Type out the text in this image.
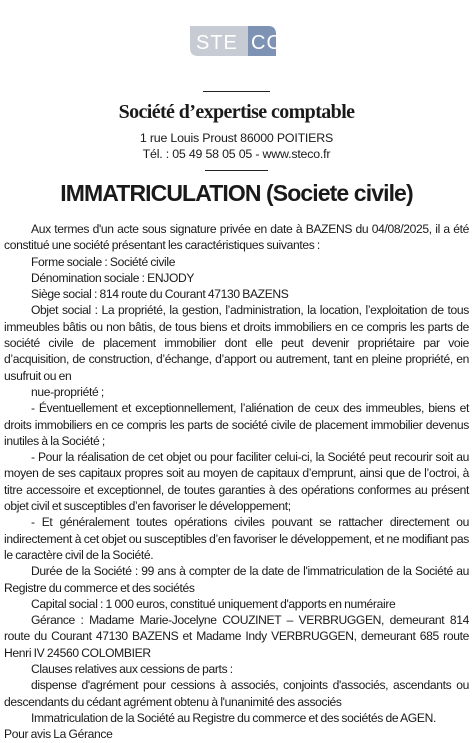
STE CO
Société d’expertise comptable
1 rue Louis Proust 86000 POITIERS
Tél. : 05 49 58 05 05 - www.steco.fr
IMMATRICULATION (Societe civile)

Aux termes d'un acte sous signature privée en date à BAZENS du 04/08/2025, il a été constitué une société présentant les caractéristiques suivantes :

Forme sociale : Société civile

Dénomination sociale : ENJODY

Siège social : 814 route du Courant 47130 BAZENS

Objet social : La propriété, la gestion, l’administration, la location, l’exploitation de tous immeubles bâtis ou non bâtis, de tous biens et droits immobiliers en ce compris les parts de société civile de placement immobilier dont elle peut devenir propriétaire par voie d’acquisition, de construction, d’échange, d’apport ou autrement, tant en pleine propriété, en usufruit ou en

nue-propriété ;

- Éventuellement et exceptionnellement, l’aliénation de ceux des immeubles, biens et droits immobiliers en ce compris les parts de société civile de placement immobilier devenus inutiles à la Société ;

- Pour la réalisation de cet objet ou pour faciliter celui-ci, la Société peut recourir soit au moyen de ses capitaux propres soit au moyen de capitaux d’emprunt, ainsi que de l’octroi, à titre accessoire et exceptionnel, de toutes garanties à des opérations conformes au présent objet civil et susceptibles d’en favoriser le développement;

- Et généralement toutes opérations civiles pouvant se rattacher directement ou indirectement à cet objet ou susceptibles d’en favoriser le développement, et ne modifiant pas le caractère civil de la Société.

Durée de la Société : 99 ans à compter de la date de l'immatriculation de la Société au Registre du commerce et des sociétés

Capital social : 1 000 euros, constitué uniquement d'apports en numéraire

Gérance : Madame Marie-Jocelyne COUZINET – VERBRUGGEN, demeurant 814 route du Courant 47130 BAZENS et Madame Indy VERBRUGGEN, demeurant 685 route Henri IV 24560 COLOMBIER

Clauses relatives aux cessions de parts :

dispense d'agrément pour cessions à associés, conjoints d'associés, ascendants ou descendants du cédant agrément obtenu à l'unanimité des associés

Immatriculation de la Société au Registre du commerce et des sociétés de AGEN.

Pour avis La Gérance
